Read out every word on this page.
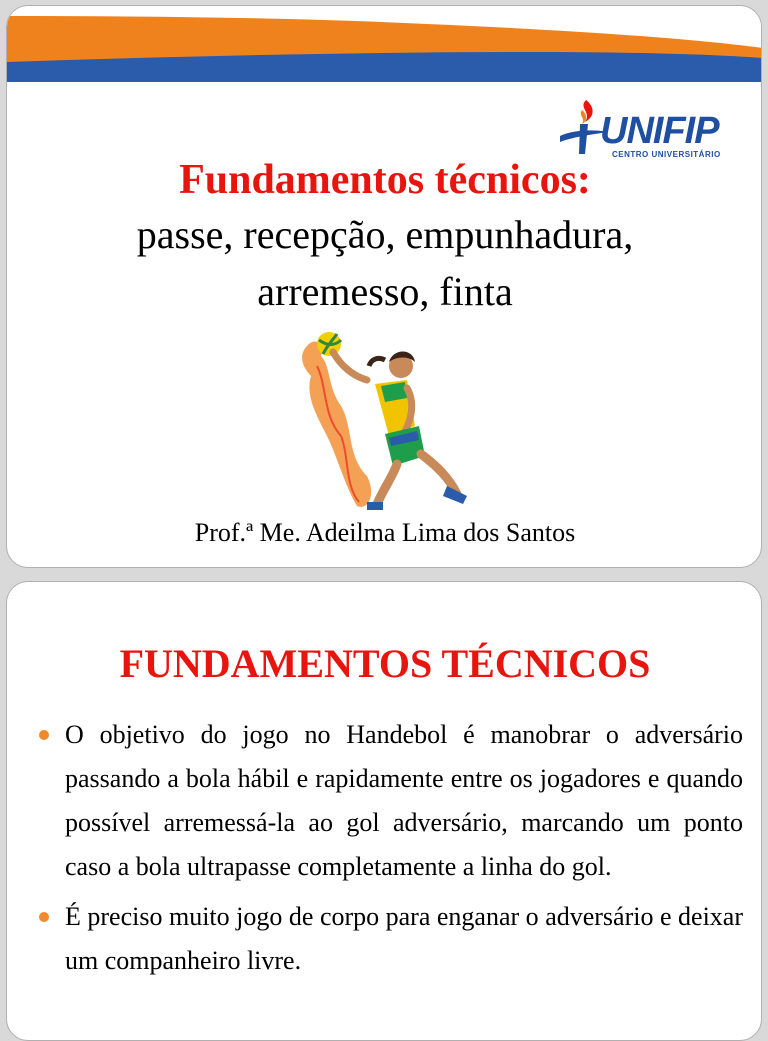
UNIFIP
CENTRO UNIVERSITÁRIO
Fundamentos técnicos:
passe, recepção, empunhadura,
arremesso, finta
Prof.ª Me. Adeilma Lima dos Santos
FUNDAMENTOS TÉCNICOS

O objetivo do jogo no Handebol é manobrar o adversário passando a bola hábil e rapidamente entre os jogadores e quando possível arremessá-la ao gol adversário, marcando um ponto caso a bola ultrapasse completamente a linha do gol.

É preciso muito jogo de corpo para enganar o adversário e deixar um companheiro livre.
